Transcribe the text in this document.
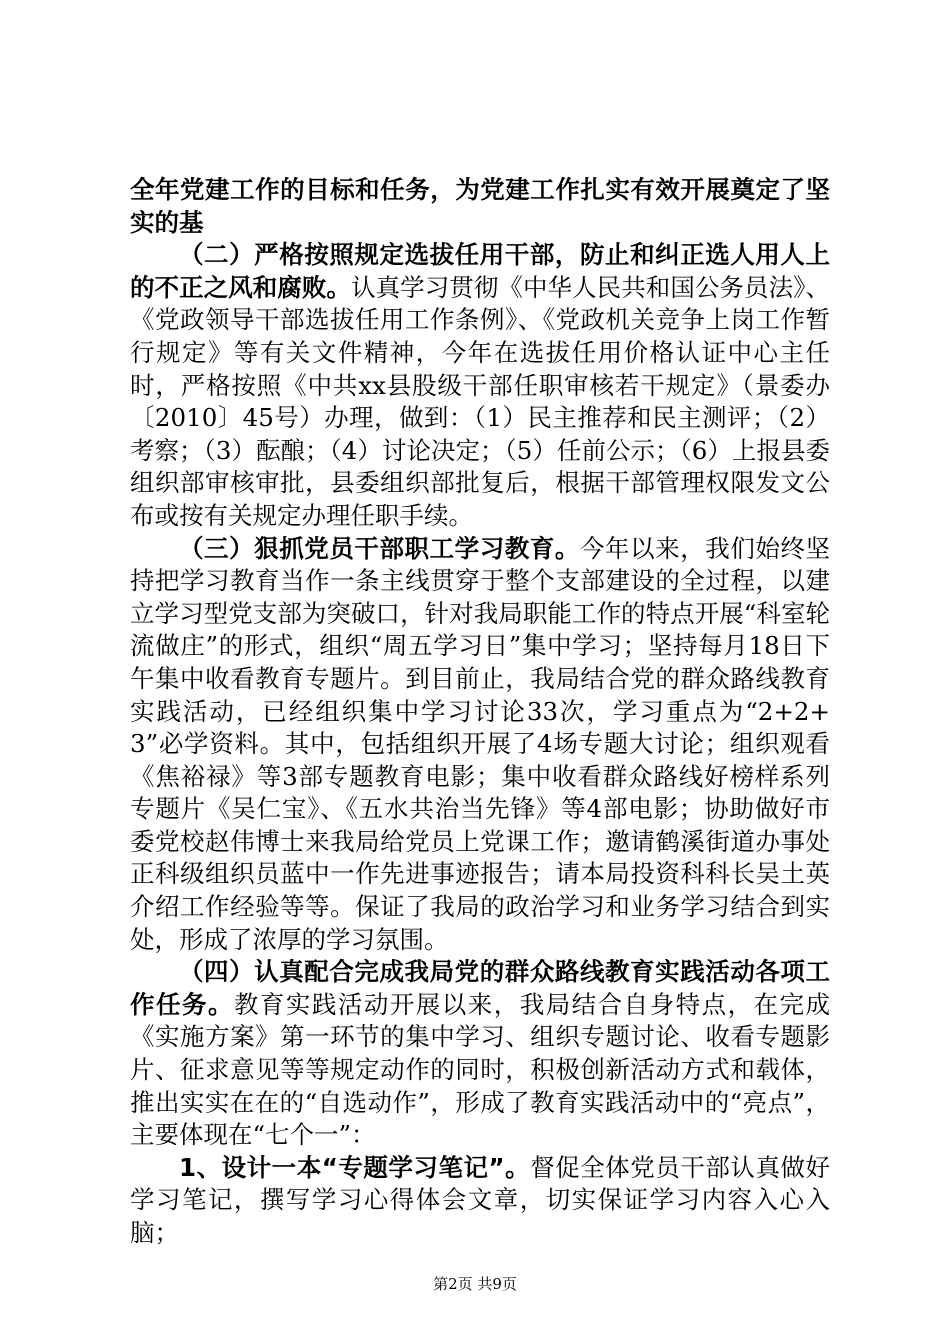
全年党建工作的目标和任务，为党建工作扎实有效开展奠定了坚实的基

（二）严格按照规定选拔任用干部，防止和纠正选人用人上的不正之风和腐败。认真学习贯彻《中华人民共和国公务员法》、《党政领导干部选拔任用工作条例》、《党政机关竞争上岗工作暂行规定》等有关文件精神，今年在选拔任用价格认证中心主任时，严格按照《中共xx县股级干部任职审核若干规定》（景委办〔2010〕45号）办理，做到：（1）民主推荐和民主测评；（2）考察；（3）酝酿；（4）讨论决定；（5）任前公示；（6）上报县委组织部审核审批，县委组织部批复后，根据干部管理权限发文公布或按有关规定办理任职手续。

（三）狠抓党员干部职工学习教育。今年以来，我们始终坚持把学习教育当作一条主线贯穿于整个支部建设的全过程，以建立学习型党支部为突破口，针对我局职能工作的特点开展“科室轮流做庄”的形式，组织“周五学习日”集中学习；坚持每月18日下午集中收看教育专题片。到目前止，我局结合党的群众路线教育实践活动，已经组织集中学习讨论33次，学习重点为“2+2+3”必学资料。其中，包括组织开展了4场专题大讨论；组织观看《焦裕禄》等3部专题教育电影；集中收看群众路线好榜样系列专题片《吴仁宝》、《五水共治当先锋》等4部电影；协助做好市委党校赵伟博士来我局给党员上党课工作；邀请鹤溪街道办事处正科级组织员蓝中一作先进事迹报告；请本局投资科科长吴土英介绍工作经验等等。保证了我局的政治学习和业务学习结合到实处，形成了浓厚的学习氛围。

（四）认真配合完成我局党的群众路线教育实践活动各项工作任务。教育实践活动开展以来，我局结合自身特点，在完成《实施方案》第一环节的集中学习、组织专题讨论、收看专题影片、征求意见等等规定动作的同时，积极创新活动方式和载体，推出实实在在的“自选动作”，形成了教育实践活动中的“亮点”，主要体现在“七个一”：

1、设计一本“专题学习笔记”。督促全体党员干部认真做好学习笔记，撰写学习心得体会文章，切实保证学习内容入心入脑；

第2页 共9页
